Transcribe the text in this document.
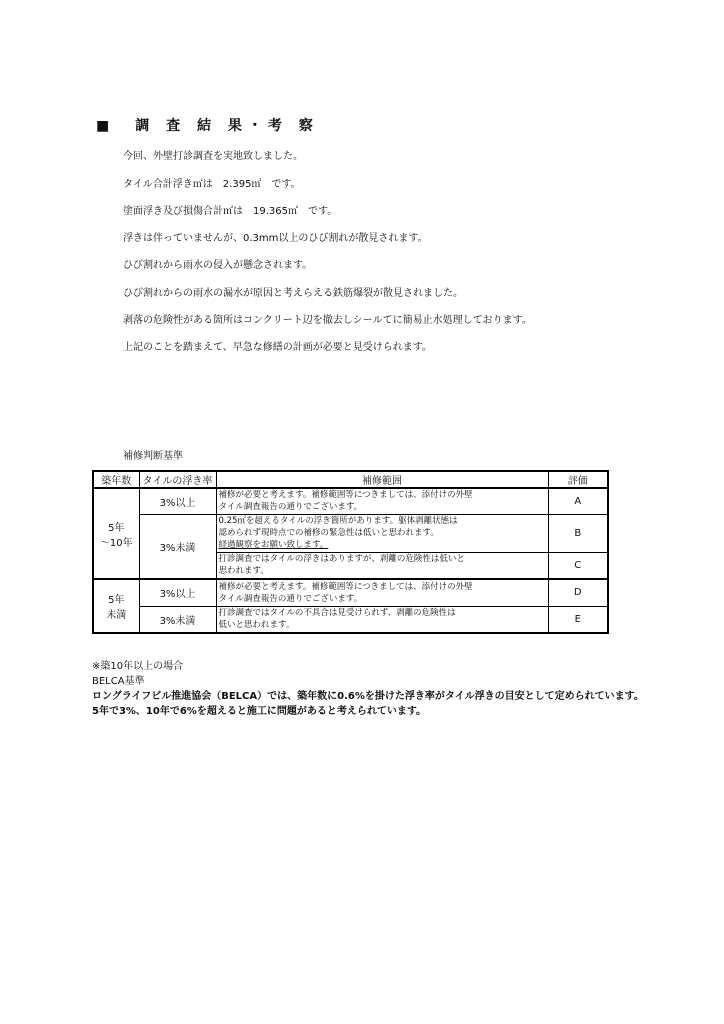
■　調 査 結 果・考 察
今回、外壁打診調査を実地致しました。
タイル合計浮き㎡は　2.395㎡　です。
塗面浮き及び損傷合計㎡は　19.365㎡　です。
浮きは伴っていませんが、0.3mm以上のひび割れが散見されます。
ひび割れから雨水の侵入が懸念されます。
ひび割れからの雨水の漏水が原因と考えらえる鉄筋爆裂が散見されました。
剥落の危険性がある箇所はコンクリート辺を撤去しシールてに簡易止水処理しております。
上記のことを踏まえて、早急な修繕の計画が必要と見受けられます。
補修判断基準
築年数	タイルの浮き率	補修範囲	評価
5年
～10年	3%以上	補修が必要と考えます。補修範囲等につきましては、添付けの外壁
タイル調査報告の通りでございます。	A
	3%未満	0.25㎡を超えるタイルの浮き箇所があります。躯体剥離状態は
認められず現時点での補修の緊急性は低いと思われます。
経過観察をお願い致します。	B

		打診調査ではタイルの浮きはありますが、剥離の危険性は低いと
思われます。	C
5年
未満	3%以上	補修が必要と考えます。補修範囲等につきましては、添付けの外壁
タイル調査報告の通りでございます。	D
	3%未満	打診調査ではタイルの不具合は見受けられず、剥離の危険性は
低いと思われます。	E
※築10年以上の場合
BELCA基準
ロングライフビル推進協会（BELCA）では、築年数に0.6%を掛けた浮き率がタイル浮きの目安として定められています。
5年で3%、10年で6%を超えると施工に問題があると考えられています。
